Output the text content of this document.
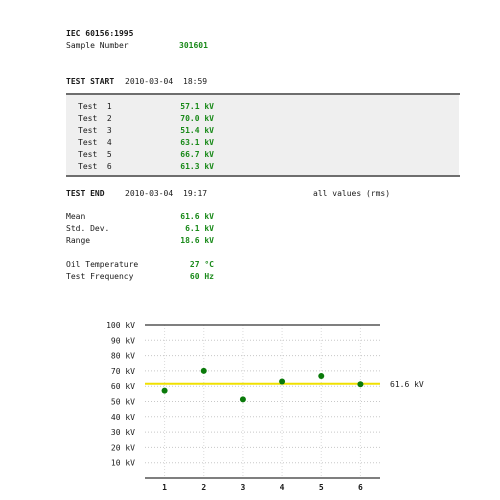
IEC 60156:1995
Sample Number	301601
TEST START 2010-03-04 18:59
Test  1	57.1 kV
Test  2	70.0 kV
Test  3	51.4 kV
Test  4	63.1 kV
Test  5	66.7 kV
Test  6	61.3 kV
TEST END	2010-03-04 19:17	all values (rms)
Mean	61.6 kV
Std. Dev.	6.1 kV
Range	18.6 kV
Oil Temperature	27 °C
Test Frequency	60 Hz
10 kV
20 kV
30 kV
40 kV
50 kV
60 kV
70 kV
80 kV
90 kV
100 kV
1	2	3	4	5	6
61.6 kV
